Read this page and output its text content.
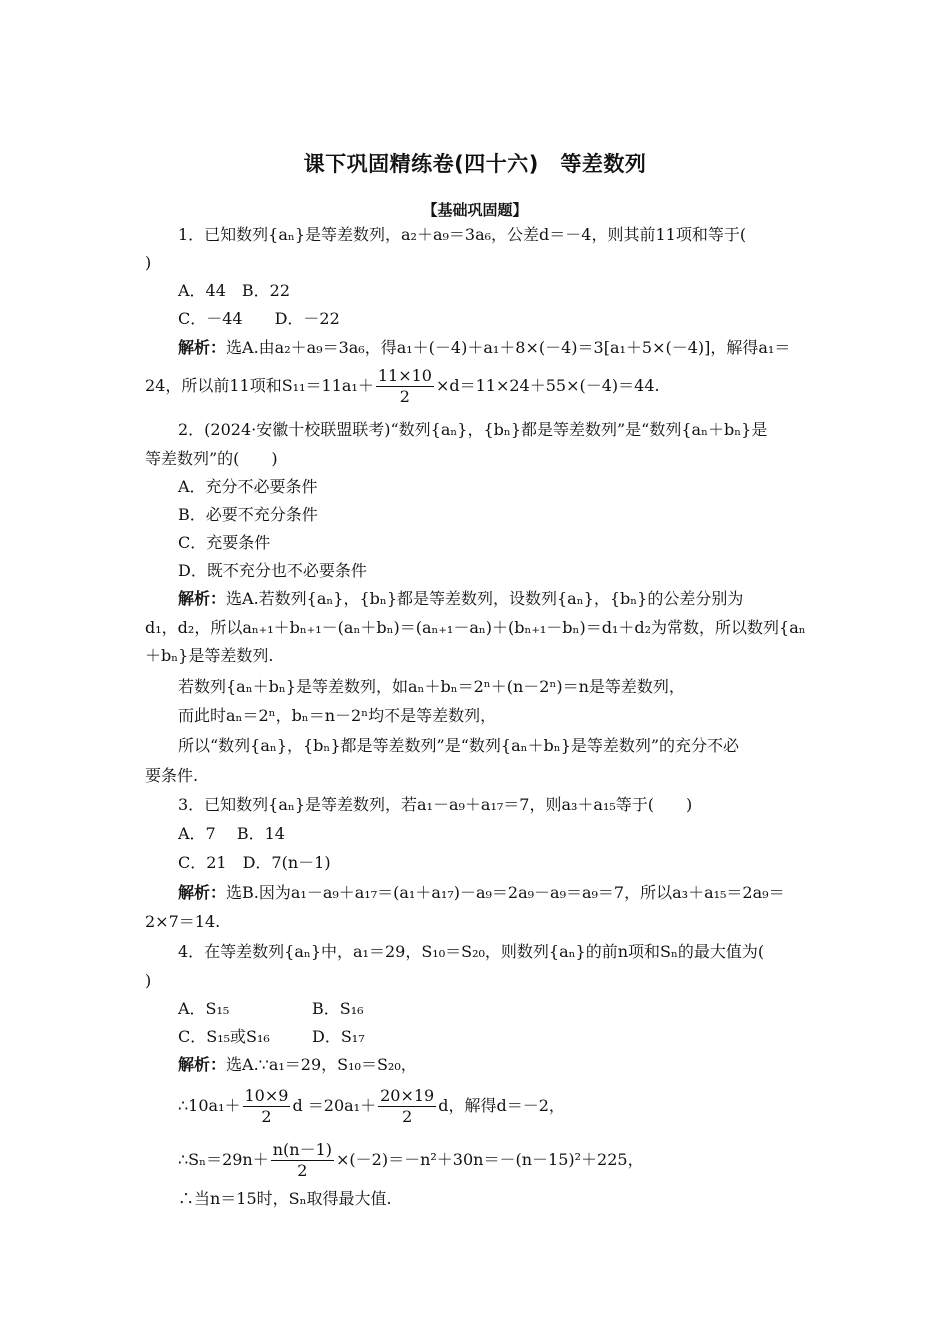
课下巩固精练卷(四十六)　等差数列
【基础巩固题】
1．已知数列{aₙ}是等差数列，a₂＋a₉＝3a₆，公差d＝－4，则其前11项和等于(
)
A．44　B．22
C．－44　　D．－22
解析：选A.由a₂＋a₉＝3a₆，得a₁＋(－4)＋a₁＋8×(－4)＝3[a₁＋5×(－4)]，解得a₁＝
24，所以前11项和$S_{11}=11a_1+ \frac{11\times 10}{2} \times d=11\times 24+55\times(-4)=44$.
2．(2024·安徽十校联盟联考)“数列{aₙ}，{bₙ}都是等差数列”是“数列{aₙ＋bₙ}是
等差数列”的(　　)
A．充分不必要条件
B．必要不充分条件
C．充要条件
D．既不充分也不必要条件
解析：选A.若数列{aₙ}，{bₙ}都是等差数列，设数列{aₙ}，{bₙ}的公差分别为
d₁，d₂，所以aₙ₊₁＋bₙ₊₁－(aₙ＋bₙ)＝(aₙ₊₁－aₙ)＋(bₙ₊₁－bₙ)＝d₁＋d₂为常数，所以数列{aₙ
＋bₙ}是等差数列.
若数列{aₙ＋bₙ}是等差数列，如aₙ＋bₙ＝2ⁿ＋(n－2ⁿ)＝n是等差数列，
而此时aₙ＝2ⁿ，bₙ＝n－2ⁿ均不是等差数列，
所以“数列{aₙ}，{bₙ}都是等差数列”是“数列{aₙ＋bₙ}是等差数列”的充分不必
要条件.
3．已知数列{aₙ}是等差数列，若a₁－a₉＋a₁₇＝7，则a₃＋a₁₅等于(　　)
A．7　 B．14
C．21　D．7(n－1)
解析：选B.因为a₁－a₉＋a₁₇＝(a₁＋a₁₇)－a₉＝2a₉－a₉＝a₉＝7，所以a₃＋a₁₅＝2a₉＝
2×7＝14.
4．在等差数列{aₙ}中，a₁＝29，S₁₀＝S₂₀，则数列{aₙ}的前n项和Sₙ的最大值为(
)
A．S₁₅	B．S₁₆
C．S₁₅或S₁₆	D．S₁₇
解析：选A.∵a₁＝29，S₁₀＝S₂₀，
∴10a₁＋ $\frac{10\times 9}{2}$ $d =20a_1+ \frac{20\times 19}{2}$ d，解得d＝－2，
∴Sₙ＝29n＋ $\frac{n(n-1)}{2} \times(-2)=-n^2+30n=-(n-15)^2+225$，
∴当n＝15时，Sₙ取得最大值.
